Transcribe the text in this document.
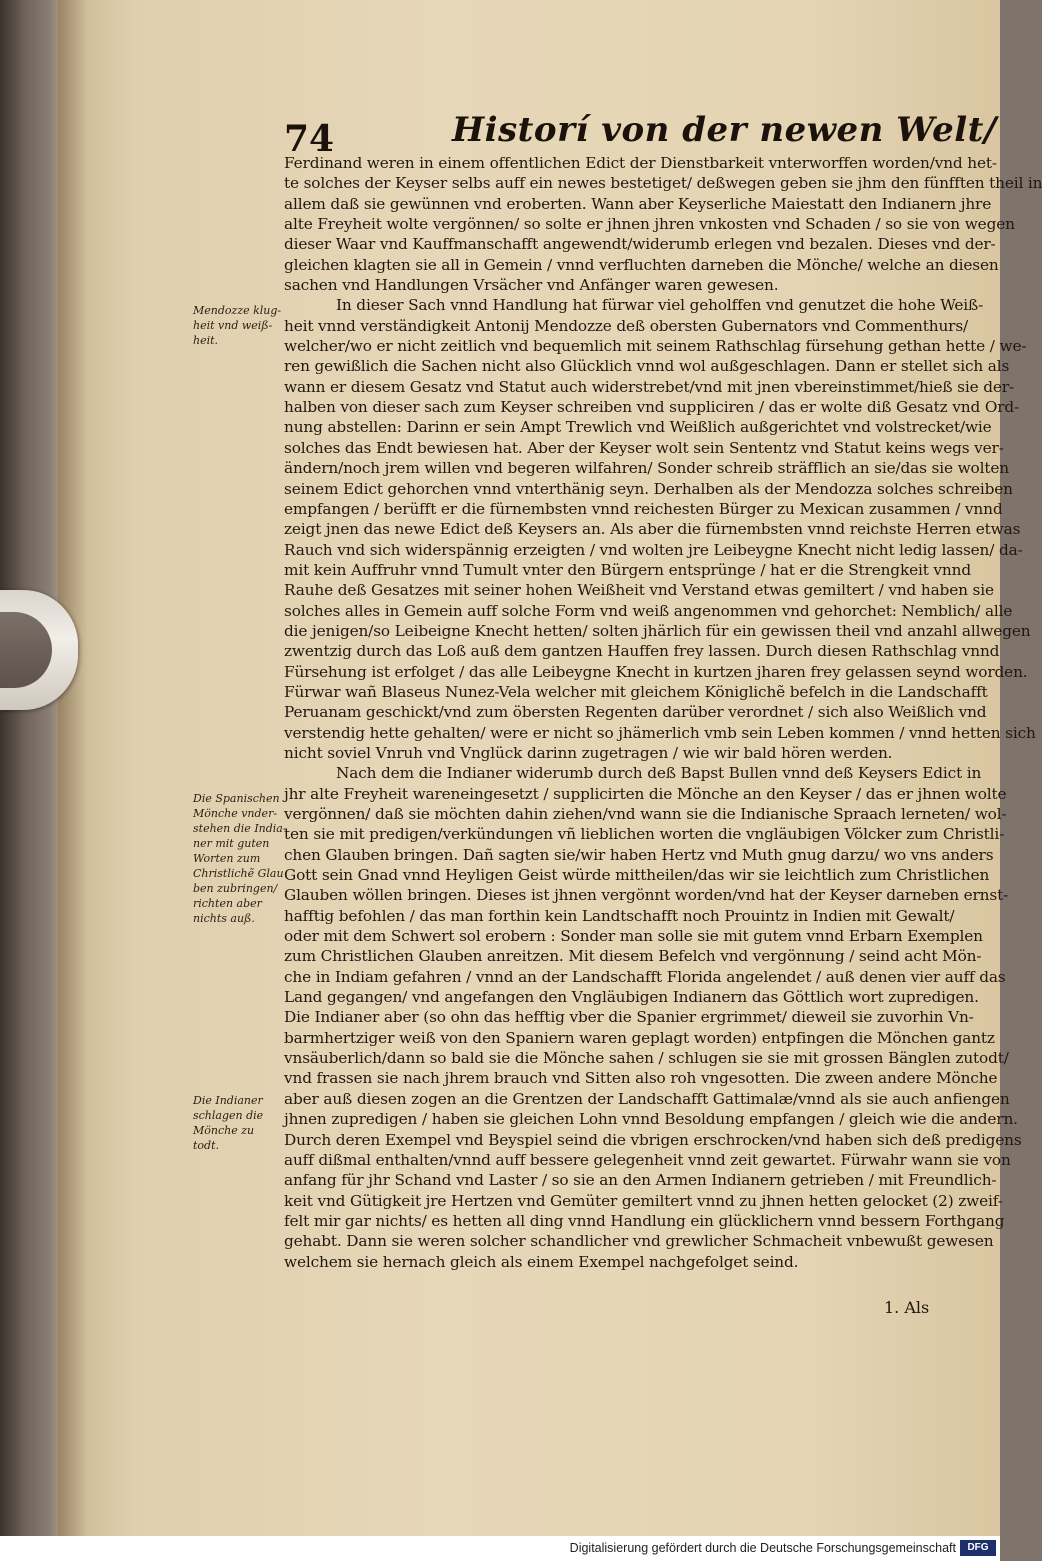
74	Historí von der newen Welt/
Ferdinand weren in einem offentlichen Edict der Dienstbarkeit vnterworffen worden/vnd het-
te solches der Keyser selbs auff ein newes bestetiget/ deßwegen geben sie jhm den fünfften theil in
allem daß sie gewünnen vnd eroberten. Wann aber Keyserliche Maiestatt den Indianern jhre
alte Freyheit wolte vergönnen/ so solte er jhnen jhren vnkosten vnd Schaden / so sie von wegen
dieser Waar vnd Kauffmanschafft angewendt/widerumb erlegen vnd bezalen. Dieses vnd der-
gleichen klagten sie all in Gemein / vnnd verfluchten darneben die Mönche/ welche an diesen
sachen vnd Handlungen Vrsächer vnd Anfänger waren gewesen.
In dieser Sach vnnd Handlung hat fürwar viel geholffen vnd genutzet die hohe Weiß-
heit vnnd verständigkeit Antonij Mendozze deß obersten Gubernators vnd Commenthurs/
welcher/wo er nicht zeitlich vnd bequemlich mit seinem Rathschlag fürsehung gethan hette / we-
ren gewißlich die Sachen nicht also Glücklich vnnd wol außgeschlagen. Dann er stellet sich als
wann er diesem Gesatz vnd Statut auch widerstrebet/vnd mit jnen vbereinstimmet/hieß sie der-
halben von dieser sach zum Keyser schreiben vnd suppliciren / das er wolte diß Gesatz vnd Ord-
nung abstellen: Darinn er sein Ampt Trewlich vnd Weißlich außgerichtet vnd volstrecket/wie
solches das Endt bewiesen hat. Aber der Keyser wolt sein Sententz vnd Statut keins wegs ver-
ändern/noch jrem willen vnd begeren wilfahren/ Sonder schreib sträfflich an sie/das sie wolten
seinem Edict gehorchen vnnd vnterthänig seyn. Derhalben als der Mendozza solches schreiben
empfangen / berüfft er die fürnembsten vnnd reichesten Bürger zu Mexican zusammen / vnnd
zeigt jnen das newe Edict deß Keysers an. Als aber die fürnembsten vnnd reichste Herren etwas
Rauch vnd sich widerspännig erzeigten / vnd wolten jre Leibeygne Knecht nicht ledig lassen/ da-
mit kein Auffruhr vnnd Tumult vnter den Bürgern entsprünge / hat er die Strengkeit vnnd
Rauhe deß Gesatzes mit seiner hohen Weißheit vnd Verstand etwas gemiltert / vnd haben sie
solches alles in Gemein auff solche Form vnd weiß angenommen vnd gehorchet: Nemblich/ alle
die jenigen/so Leibeigne Knecht hetten/ solten jhärlich für ein gewissen theil vnd anzahl allwegen
zwentzig durch das Loß auß dem gantzen Hauffen frey lassen. Durch diesen Rathschlag vnnd
Fürsehung ist erfolget / das alle Leibeygne Knecht in kurtzen jharen frey gelassen seynd worden.
Fürwar wañ Blaseus Nunez-Vela welcher mit gleichem Königlichẽ befelch in die Landschafft
Peruanam geschickt/vnd zum öbersten Regenten darüber verordnet / sich also Weißlich vnd
verstendig hette gehalten/ were er nicht so jhämerlich vmb sein Leben kommen / vnnd hetten sich
nicht soviel Vnruh vnd Vnglück darinn zugetragen / wie wir bald hören werden.
Nach dem die Indianer widerumb durch deß Bapst Bullen vnnd deß Keysers Edict in
jhr alte Freyheit wareneingesetzt / supplicirten die Mönche an den Keyser / das er jhnen wolte
vergönnen/ daß sie möchten dahin ziehen/vnd wann sie die Indianische Spraach lerneten/ wol-
ten sie mit predigen/verkündungen vñ lieblichen worten die vngläubigen Völcker zum Christli-
chen Glauben bringen. Dañ sagten sie/wir haben Hertz vnd Muth gnug darzu/ wo vns anders
Gott sein Gnad vnnd Heyligen Geist würde mittheilen/das wir sie leichtlich zum Christlichen
Glauben wöllen bringen. Dieses ist jhnen vergönnt worden/vnd hat der Keyser darneben ernst-
hafftig befohlen / das man forthin kein Landtschafft noch Prouintz in Indien mit Gewalt/
oder mit dem Schwert sol erobern : Sonder man solle sie mit gutem vnnd Erbarn Exemplen
zum Christlichen Glauben anreitzen. Mit diesem Befelch vnd vergönnung / seind acht Mön-
che in Indiam gefahren / vnnd an der Landschafft Florida angelendet / auß denen vier auff das
Land gegangen/ vnd angefangen den Vngläubigen Indianern das Göttlich wort zupredigen.
Die Indianer aber (so ohn das hefftig vber die Spanier ergrimmet/ dieweil sie zuvorhin Vn-
barmhertziger weiß von den Spaniern waren geplagt worden) entpfingen die Mönchen gantz
vnsäuberlich/dann so bald sie die Mönche sahen / schlugen sie sie mit grossen Bänglen zutodt/
vnd frassen sie nach jhrem brauch vnd Sitten also roh vngesotten. Die zween andere Mönche
aber auß diesen zogen an die Grentzen der Landschafft Gattimalæ/vnnd als sie auch anfiengen
jhnen zupredigen / haben sie gleichen Lohn vnnd Besoldung empfangen / gleich wie die andern.
Durch deren Exempel vnd Beyspiel seind die vbrigen erschrocken/vnd haben sich deß predigens
auff dißmal enthalten/vnnd auff bessere gelegenheit vnnd zeit gewartet. Fürwahr wann sie von
anfang für jhr Schand vnd Laster / so sie an den Armen Indianern getrieben / mit Freundlich-
keit vnd Gütigkeit jre Hertzen vnd Gemüter gemiltert vnnd zu jhnen hetten gelocket (2) zweif-
felt mir gar nichts/ es hetten all ding vnnd Handlung ein glücklichern vnnd bessern Forthgang
gehabt. Dann sie weren solcher schandlicher vnd grewlicher Schmacheit vnbewußt gewesen
welchem sie hernach gleich als einem Exempel nachgefolget seind.
Mendozze klug-
heit vnd weiß-
heit.
Die Spanischen
Mönche vnder-
stehen die India-
ner mit guten
Worten zum
Christlichẽ Glau
ben zubringen/
richten aber
nichts auß.
Die Indianer
schlagen die
Mönche zu
todt.
1. Als
Digitalisierung gefördert durch die Deutsche Forschungsgemeinschaft	DFG
